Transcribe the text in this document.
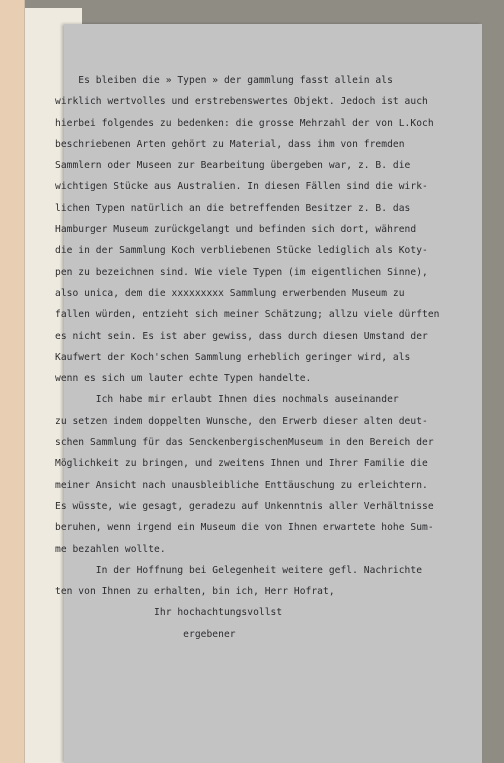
Es bleiben die » Typen » der gammlung fasst allein als
wirklich wertvolles und erstrebenswertes Objekt. Jedoch ist auch
hierbei folgendes zu bedenken: die grosse Mehrzahl der von L.Koch
beschriebenen Arten gehört zu Material, dass ihm von fremden
Sammlern oder Museen zur Bearbeitung übergeben war, z. B. die
wichtigen Stücke aus Australien. In diesen Fällen sind die wirk-
lichen Typen natürlich an die betreffenden Besitzer z. B. das
Hamburger Museum zurückgelangt und befinden sich dort, während
die in der Sammlung Koch verbliebenen Stücke lediglich als Koty-
pen zu bezeichnen sind. Wie viele Typen (im eigentlichen Sinne),
also unica, dem die xxxxxxxxx Sammlung erwerbenden Museum zu
fallen würden, entzieht sich meiner Schätzung; allzu viele dürften
es nicht sein. Es ist aber gewiss, dass durch diesen Umstand der
Kaufwert der Koch'schen Sammlung erheblich geringer wird, als
wenn es sich um lauter echte Typen handelte.
Ich habe mir erlaubt Ihnen dies nochmals auseinander
zu setzen indem doppelten Wunsche, den Erwerb dieser alten deut-
schen Sammlung für das SenckenbergischenMuseum in den Bereich der
Möglichkeit zu bringen, und zweitens Ihnen und Ihrer Familie die
meiner Ansicht nach unausbleibliche Enttäuschung zu erleichtern.
Es wüsste, wie gesagt, geradezu auf Unkenntnis aller Verhältnisse
beruhen, wenn irgend ein Museum die von Ihnen erwartete hohe Sum-
me bezahlen wollte.
In der Hoffnung bei Gelegenheit weitere gefl. Nachrichte
ten von Ihnen zu erhalten, bin ich, Herr Hofrat,
Ihr hochachtungsvollst
ergebener
